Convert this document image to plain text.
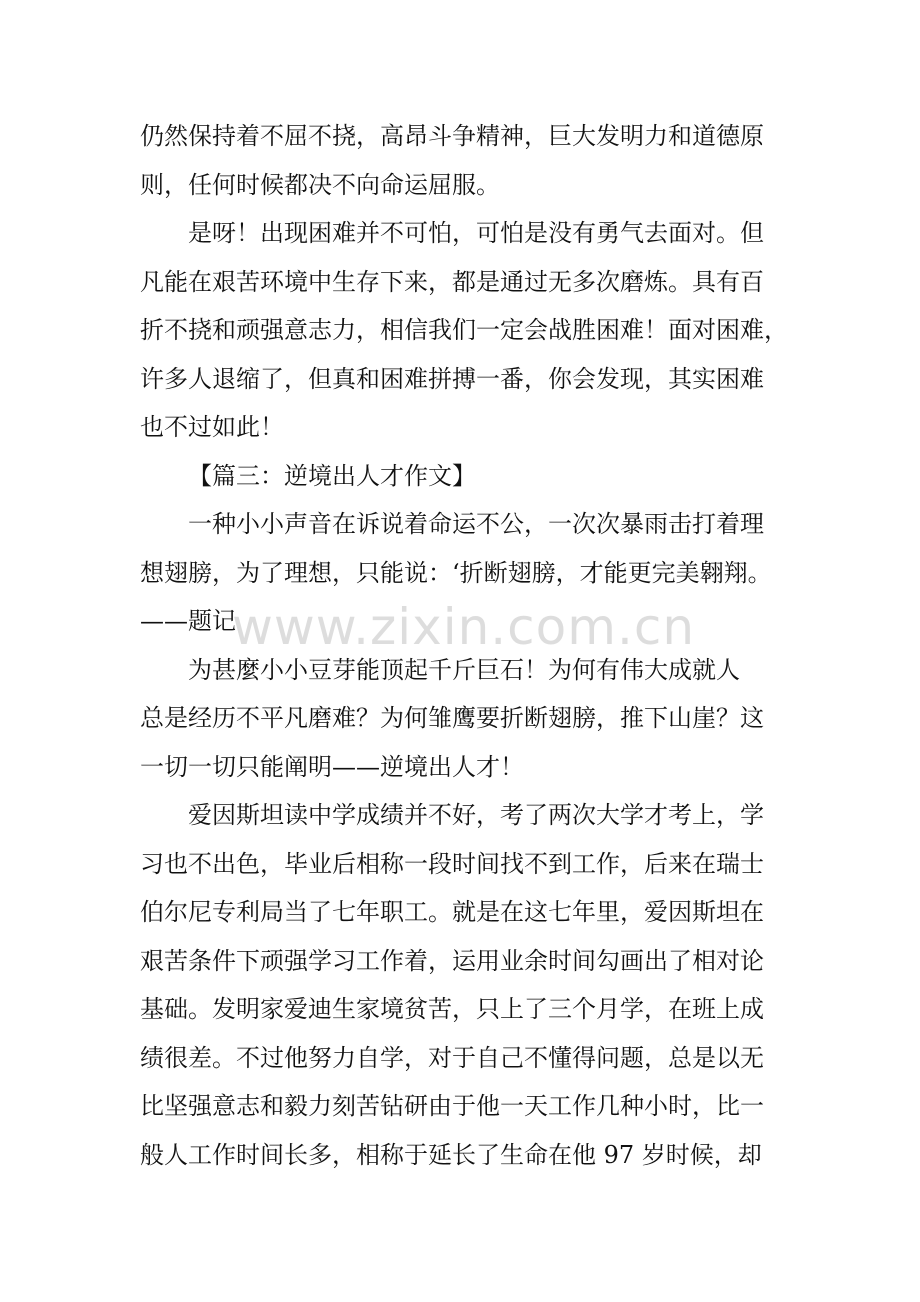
仍然保持着不屈不挠，高昂斗争精神，巨大发明力和道德原
则，任何时候都决不向命运屈服。
是呀！出现困难并不可怕，可怕是没有勇气去面对。但
凡能在艰苦环境中生存下来，都是通过无多次磨炼。具有百
折不挠和顽强意志力，相信我们一定会战胜困难！面对困难，
许多人退缩了，但真和困难拼搏一番，你会发现，其实困难
也不过如此！
【篇三：逆境出人才作文】
一种小小声音在诉说着命运不公，一次次暴雨击打着理
想翅膀，为了理想，只能说：‘折断翅膀，才能更完美翱翔。
——题记
为甚麼小小豆芽能顶起千斤巨石！为何有伟大成就人
总是经历不平凡磨难？为何雏鹰要折断翅膀，推下山崖？这
一切一切只能阐明——逆境出人才！
爱因斯坦读中学成绩并不好，考了两次大学才考上，学
习也不出色，毕业后相称一段时间找不到工作，后来在瑞士
伯尔尼专利局当了七年职工。就是在这七年里，爱因斯坦在
艰苦条件下顽强学习工作着，运用业余时间勾画出了相对论
基础。发明家爱迪生家境贫苦，只上了三个月学，在班上成
绩很差。不过他努力自学，对于自己不懂得问题，总是以无
比坚强意志和毅力刻苦钻研由于他一天工作几种小时，比一
般人工作时间长多，相称于延长了生命在他 97 岁时候，却
www.zixin.com.cn
